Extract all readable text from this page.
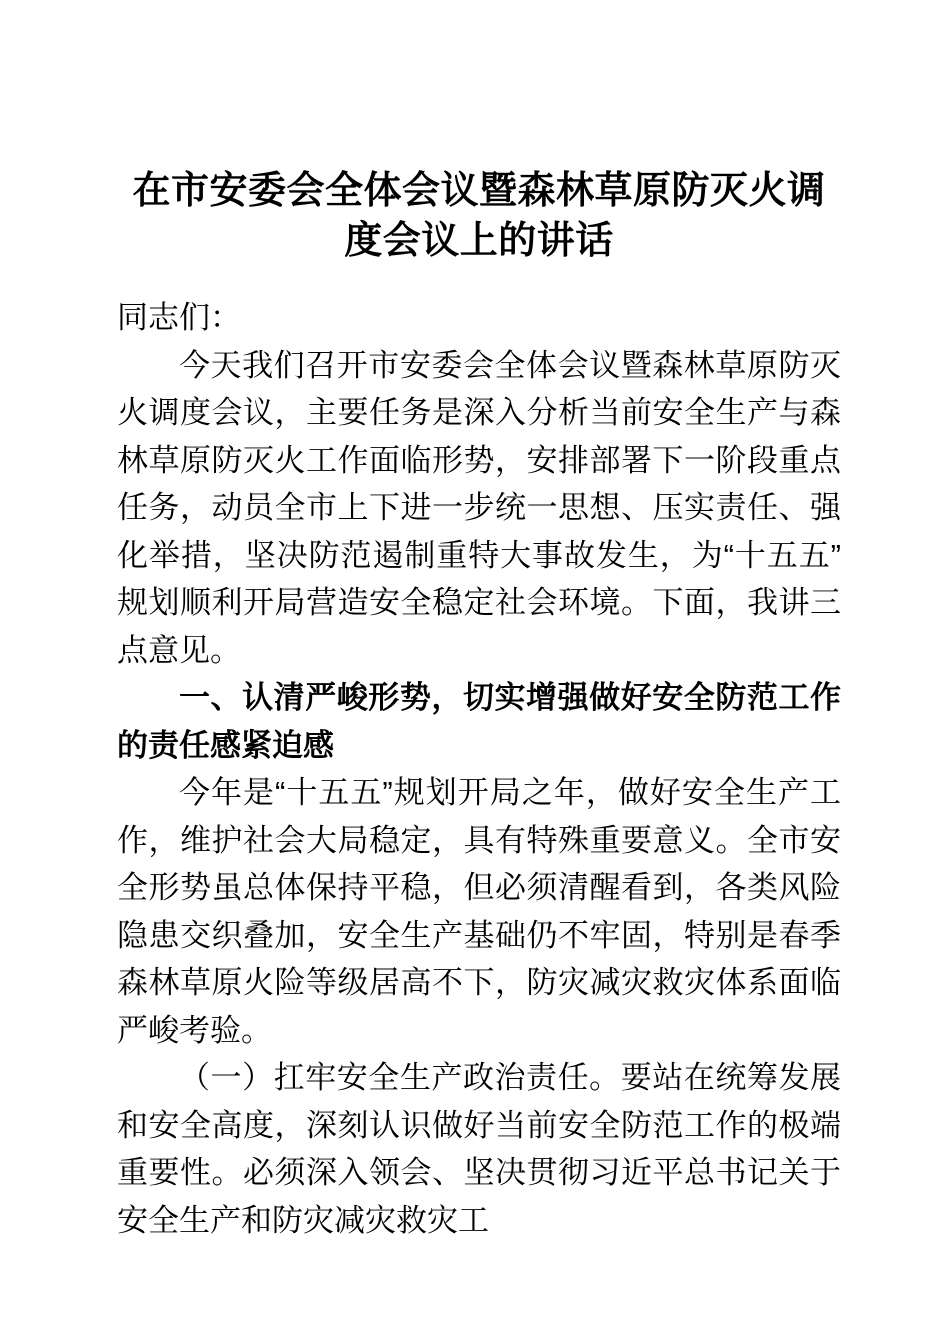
在市安委会全体会议暨森林草原防灭火调度会议上的讲话

同志们：

今天我们召开市安委会全体会议暨森林草原防灭火调度会议，主要任务是深入分析当前安全生产与森林草原防灭火工作面临形势，安排部署下一阶段重点任务，动员全市上下进一步统一思想、压实责任、强化举措，坚决防范遏制重特大事故发生，为“十五五”规划顺利开局营造安全稳定社会环境。下面，我讲三点意见。

一、认清严峻形势，切实增强做好安全防范工作的责任感紧迫感

今年是“十五五”规划开局之年，做好安全生产工作，维护社会大局稳定，具有特殊重要意义。全市安全形势虽总体保持平稳，但必须清醒看到，各类风险隐患交织叠加，安全生产基础仍不牢固，特别是春季森林草原火险等级居高不下，防灾减灾救灾体系面临严峻考验。

（一）扛牢安全生产政治责任。要站在统筹发展和安全高度，深刻认识做好当前安全防范工作的极端重要性。必须深入领会、坚决贯彻习近平总书记关于安全生产和防灾减灾救灾工
